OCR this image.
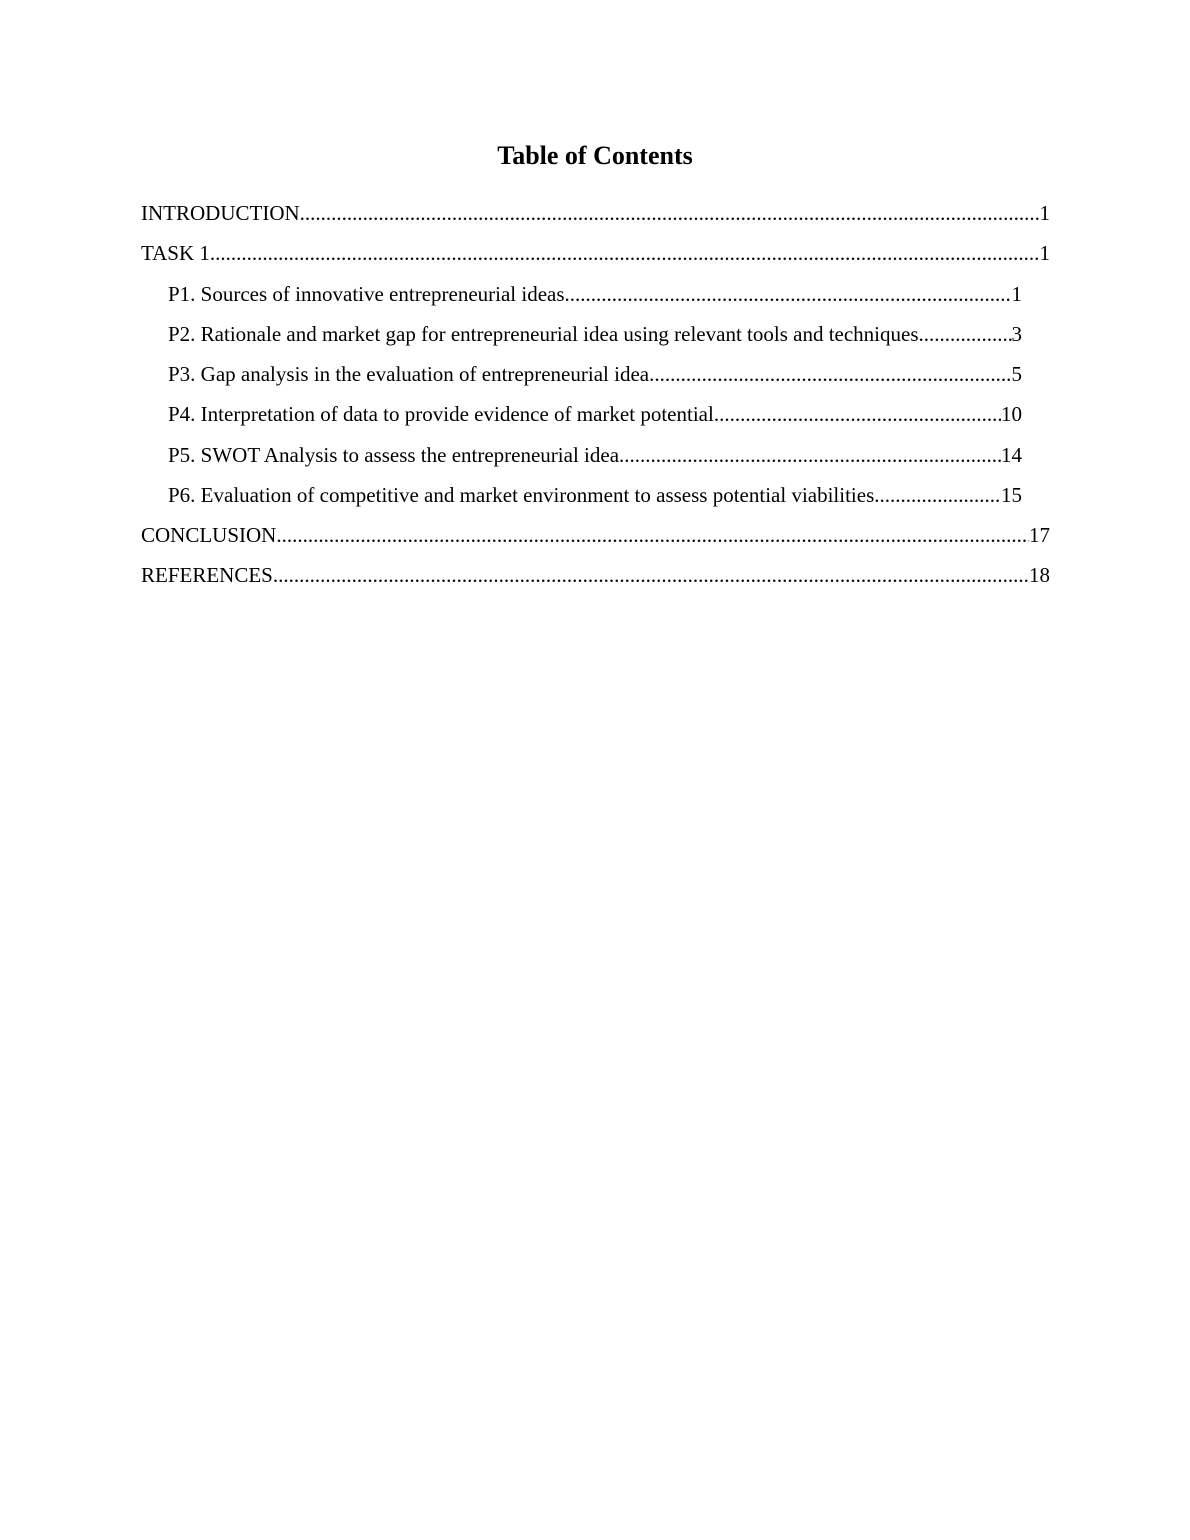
Table of Contents
INTRODUCTION .....	1
TASK 1 .....	1
P1. Sources of innovative entrepreneurial ideas .....	1
P2. Rationale and market gap for entrepreneurial idea using relevant tools and techniques. .....	3
P3. Gap analysis in the evaluation of entrepreneurial idea .....	5
P4. Interpretation of data to provide evidence of market potential .....	10
P5. SWOT Analysis to assess the entrepreneurial idea .....	14
P6. Evaluation of competitive and market environment to assess potential viabilities .....	15
CONCLUSION .....	17
REFERENCES .....	18
